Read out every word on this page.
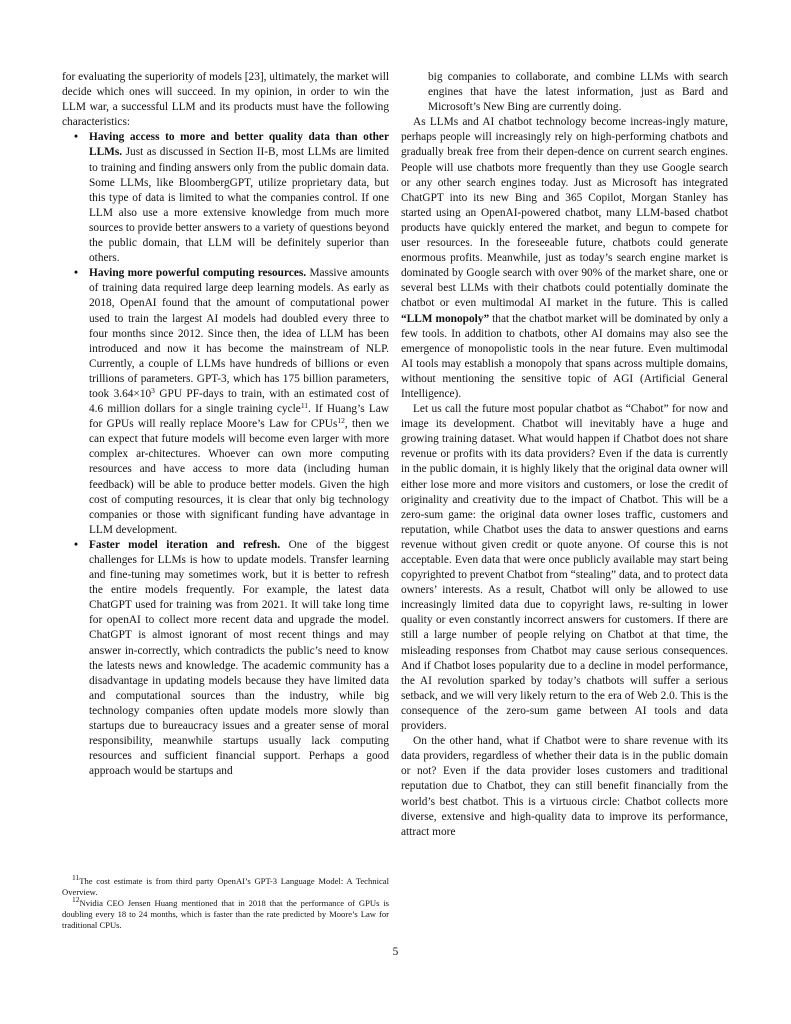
for evaluating the superiority of models [23], ultimately, the market will decide which ones will succeed. In my opinion, in order to win the LLM war, a successful LLM and its products must have the following characteristics:

• Having access to more and better quality data than other LLMs. Just as discussed in Section II-B, most LLMs are limited to training and finding answers only from the public domain data. Some LLMs, like BloombergGPT, utilize proprietary data, but this type of data is limited to what the companies control. If one LLM also use a more extensive knowledge from much more sources to provide better answers to a variety of questions beyond the public domain, that LLM will be definitely superior than others.
• Having more powerful computing resources. Massive amounts of training data required large deep learning models. As early as 2018, OpenAI found that the amount of computational power used to train the largest AI models had doubled every three to four months since 2012. Since then, the idea of LLM has been introduced and now it has become the mainstream of NLP. Currently, a couple of LLMs have hundreds of billions or even trillions of parameters. GPT-3, which has 175 billion parameters, took $3.64\times 10^3$ GPU PF-days to train, with an estimated cost of 4.6 million dollars for a single training cycle$^{11}$. If Huang’s Law for GPUs will really replace Moore’s Law for CPUs$^{12}$, then we can expect that future models will become even larger with more complex ar-chitectures. Whoever can own more computing resources and have access to more data (including human feedback) will be able to produce better models. Given the high cost of computing resources, it is clear that only big technology companies or those with significant funding have advantage in LLM development.
• Faster model iteration and refresh. One of the biggest challenges for LLMs is how to update models. Transfer learning and fine-tuning may sometimes work, but it is better to refresh the entire models frequently. For example, the latest data ChatGPT used for training was from 2021. It will take long time for openAI to collect more recent data and upgrade the model. ChatGPT is almost ignorant of most recent things and may answer in-correctly, which contradicts the public’s need to know the latests news and knowledge. The academic community has a disadvantage in updating models because they have limited data and computational sources than the industry, while big technology companies often update models more slowly than startups due to bureaucracy issues and a greater sense of moral responsibility, meanwhile startups usually lack computing resources and sufficient financial support. Perhaps a good approach would be startups and

$^{11}$The cost estimate is from third party OpenAI’s GPT-3 Language Model: A Technical Overview.

$^{12}$Nvidia CEO Jensen Huang mentioned that in 2018 that the performance of GPUs is doubling every 18 to 24 months, which is faster than the rate predicted by Moore’s Law for traditional CPUs.

big companies to collaborate, and combine LLMs with search engines that have the latest information, just as Bard and Microsoft’s New Bing are currently doing.

As LLMs and AI chatbot technology become increas-ingly mature, perhaps people will increasingly rely on high-performing chatbots and gradually break free from their depen-dence on current search engines. People will use chatbots more frequently than they use Google search or any other search engines today. Just as Microsoft has integrated ChatGPT into its new Bing and 365 Copilot, Morgan Stanley has started using an OpenAI-powered chatbot, many LLM-based chatbot products have quickly entered the market, and begun to compete for user resources. In the foreseeable future, chatbots could generate enormous profits. Meanwhile, just as today’s search engine market is dominated by Google search with over 90% of the market share, one or several best LLMs with their chatbots could potentially dominate the chatbot or even multimodal AI market in the future. This is called “LLM monopoly” that the chatbot market will be dominated by only a few tools. In addition to chatbots, other AI domains may also see the emergence of monopolistic tools in the near future. Even multimodal AI tools may establish a monopoly that spans across multiple domains, without mentioning the sensitive topic of AGI (Artificial General Intelligence).

Let us call the future most popular chatbot as “Chabot” for now and image its development. Chatbot will inevitably have a huge and growing training dataset. What would happen if Chatbot does not share revenue or profits with its data providers? Even if the data is currently in the public domain, it is highly likely that the original data owner will either lose more and more visitors and customers, or lose the credit of originality and creativity due to the impact of Chatbot. This will be a zero-sum game: the original data owner loses traffic, customers and reputation, while Chatbot uses the data to answer questions and earns revenue without given credit or quote anyone. Of course this is not acceptable. Even data that were once publicly available may start being copyrighted to prevent Chatbot from “stealing” data, and to protect data owners’ interests. As a result, Chatbot will only be allowed to use increasingly limited data due to copyright laws, re-sulting in lower quality or even constantly incorrect answers for customers. If there are still a large number of people relying on Chatbot at that time, the misleading responses from Chatbot may cause serious consequences. And if Chatbot loses popularity due to a decline in model performance, the AI revolution sparked by today’s chatbots will suffer a serious setback, and we will very likely return to the era of Web 2.0. This is the consequence of the zero-sum game between AI tools and data providers.

On the other hand, what if Chatbot were to share revenue with its data providers, regardless of whether their data is in the public domain or not? Even if the data provider loses customers and traditional reputation due to Chatbot, they can still benefit financially from the world’s best chatbot. This is a virtuous circle: Chatbot collects more diverse, extensive and high-quality data to improve its performance, attract more

5
